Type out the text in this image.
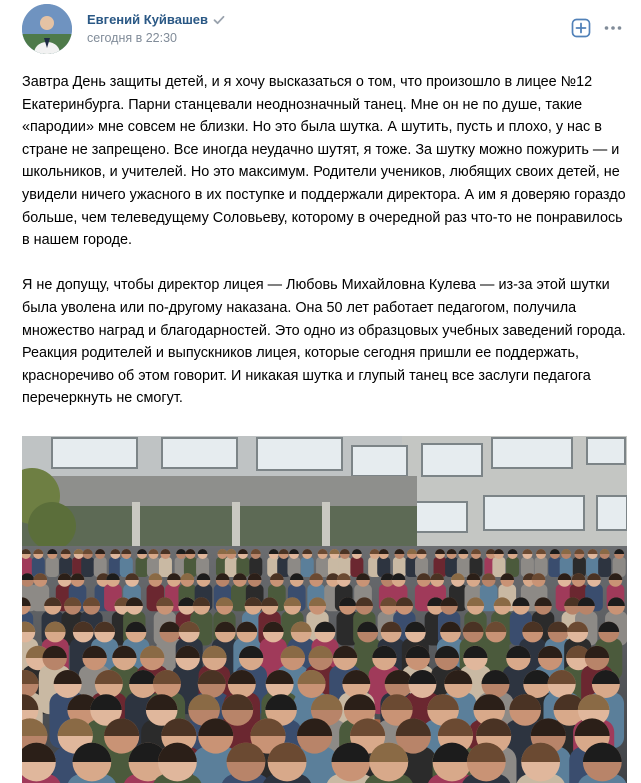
Евгений Куйвашев
сегодня в 22:30

Завтра День защиты детей, и я хочу высказаться о том, что произошло в лицее №12 Екатеринбурга. Парни станцевали неоднозначный танец. Мне он не по душе, такие «пародии» мне совсем не близки. Но это была шутка. А шутить, пусть и плохо, у нас в стране не запрещено. Все иногда неудачно шутят, я тоже. За шутку можно пожурить — и школьников, и учителей. Но это максимум. Родители учеников, любящих своих детей, не увидели ничего ужасного в их поступке и поддержали директора. А им я доверяю гораздо больше, чем телеведущему Соловьеву, которому в очередной раз что-то не понравилось в нашем городе.

Я не допущу, чтобы директор лицея — Любовь Михайловна Кулева — из-за этой шутки была уволена или по-другому наказана. Она 50 лет работает педагогом, получила множество наград и благодарностей. Это одно из образцовых учебных заведений города. Реакция родителей и выпускников лицея, которые сегодня пришли ее поддержать, красноречиво об этом говорит. И никакая шутка и глупый танец все заслуги педагога перечеркнуть не смогут.
